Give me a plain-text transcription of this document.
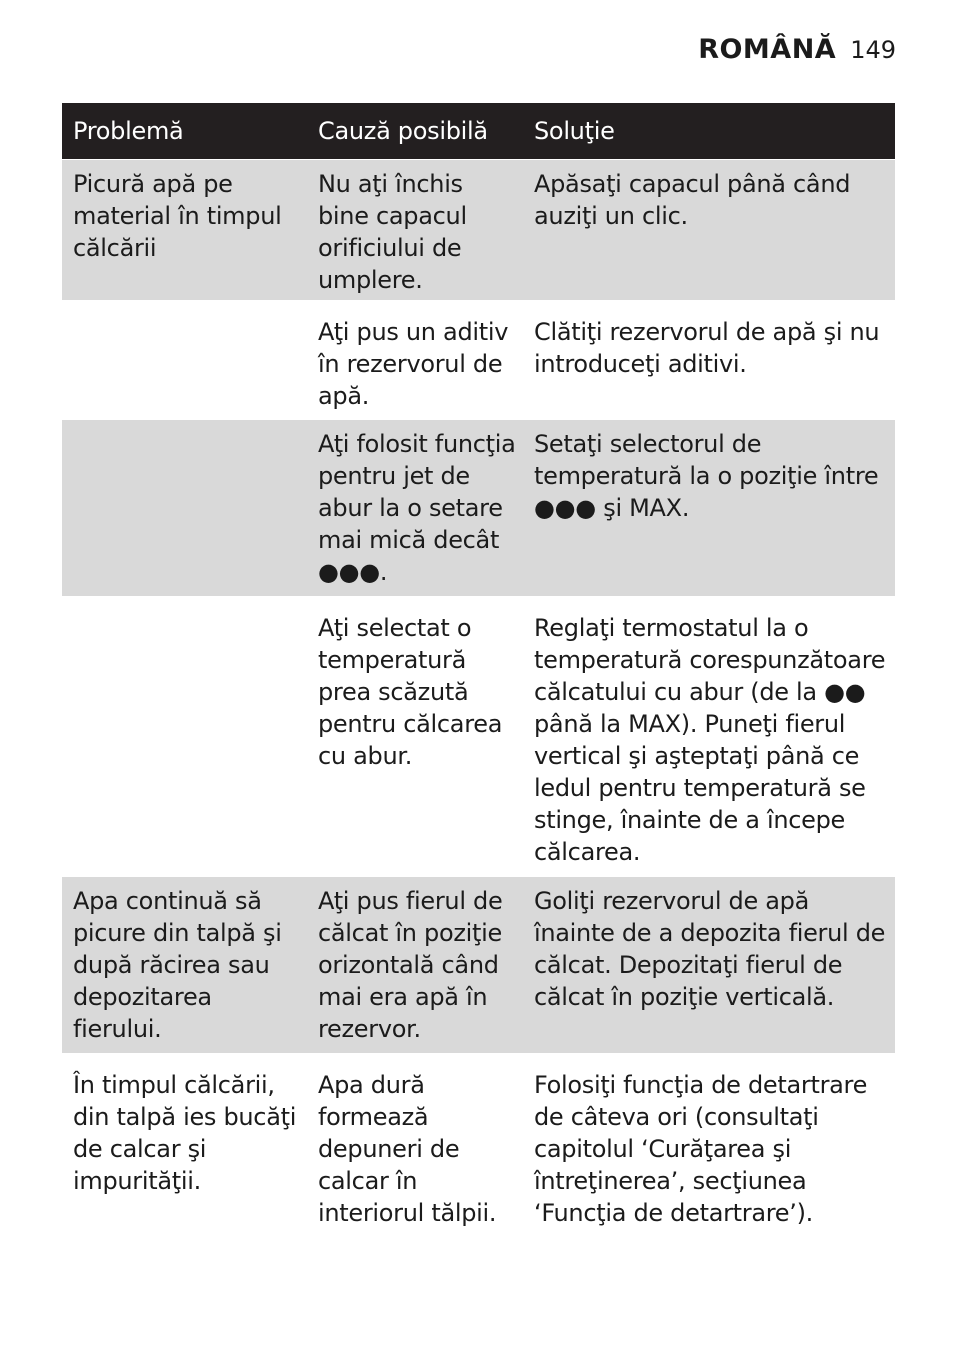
ROMÂNĂ 149
Problemă	Cauză posibilă	Soluţie
Picură apă pe material în timpul călcării
Nu aţi închis bine capacul orificiului de umplere.
Apăsaţi capacul până când auziţi un clic.
Aţi pus un aditiv în rezervorul de apă.
Clătiţi rezervorul de apă şi nu introduceţi aditivi.
Aţi folosit funcţia pentru jet de abur la o setare mai mică decât ●●●.
Setaţi selectorul de temperatură la o poziţie între ●●● şi MAX.
Aţi selectat o temperatură prea scăzută pentru călcarea cu abur.
Reglaţi termostatul la o temperatură corespunzătoare călcatului cu abur (de la ●● până la MAX). Puneţi fierul vertical şi aşteptaţi până ce ledul pentru temperatură se stinge, înainte de a începe călcarea.
Apa continuă să picure din talpă şi după răcirea sau depozitarea fierului.
Aţi pus fierul de călcat în poziţie orizontală când mai era apă în rezervor.
Goliţi rezervorul de apă înainte de a depozita fierul de călcat. Depozitaţi fierul de călcat în poziţie verticală.
În timpul călcării, din talpă ies bucăţi de calcar şi impurităţii.
Apa dură formează depuneri de calcar în interiorul tălpii.
Folosiţi funcţia de detartrare de câteva ori (consultaţi capitolul ‘Curăţarea şi întreţinerea’, secţiunea ‘Funcţia de detartrare’).
